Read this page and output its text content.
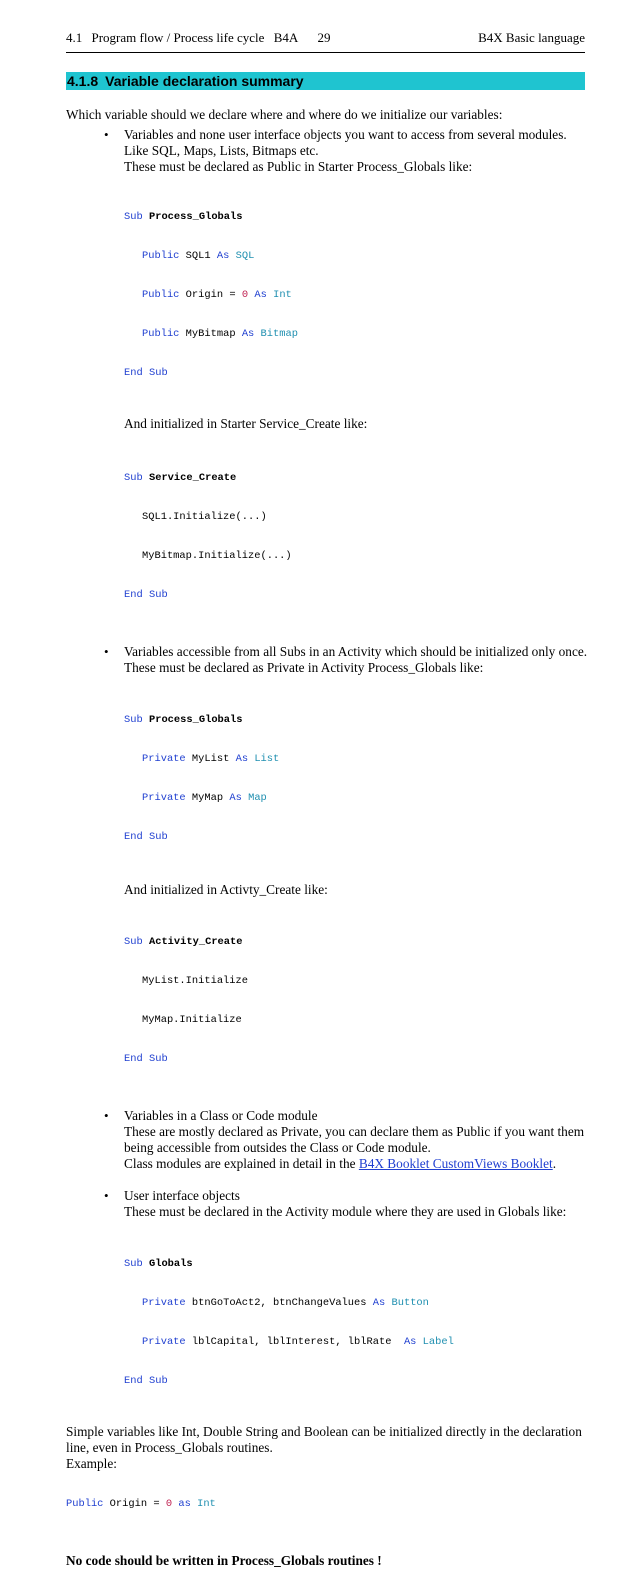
4.1 Program flow / Process life cycle B4A 29	B4X Basic language
4.1.8 Variable declaration summary
Which variable should we declare where and where do we initialize our variables:
• Variables and none user interface objects you want to access from several modules.
Like SQL, Maps, Lists, Bitmaps etc.
These must be declared as Public in Starter Process_Globals like:

Sub Process_Globals

Public SQL1 As SQL

Public Origin = 0 As Int

Public MyBitmap As Bitmap

End Sub

And initialized in Starter Service_Create like:

Sub Service_Create

SQL1.Initialize(...)

MyBitmap.Initialize(...)

End Sub

• Variables accessible from all Subs in an Activity which should be initialized only once.
These must be declared as Private in Activity Process_Globals like:

Sub Process_Globals

Private MyList As List

Private MyMap As Map

End Sub

And initialized in Activty_Create like:

Sub Activity_Create

MyList.Initialize

MyMap.Initialize

End Sub

• Variables in a Class or Code module
These are mostly declared as Private, you can declare them as Public if you want them
being accessible from outsides the Class or Code module.
Class modules are explained in detail in the B4X Booklet CustomViews Booklet.
• User interface objects
These must be declared in the Activity module where they are used in Globals like:

Sub Globals

Private btnGoToAct2, btnChangeValues As Button

Private lblCapital, lblInterest, lblRate  As Label

End Sub

Simple variables like Int, Double String and Boolean can be initialized directly in the declaration
line, even in Process_Globals routines.
Example:

Public Origin = 0 as Int

No code should be written in Process_Globals routines !
